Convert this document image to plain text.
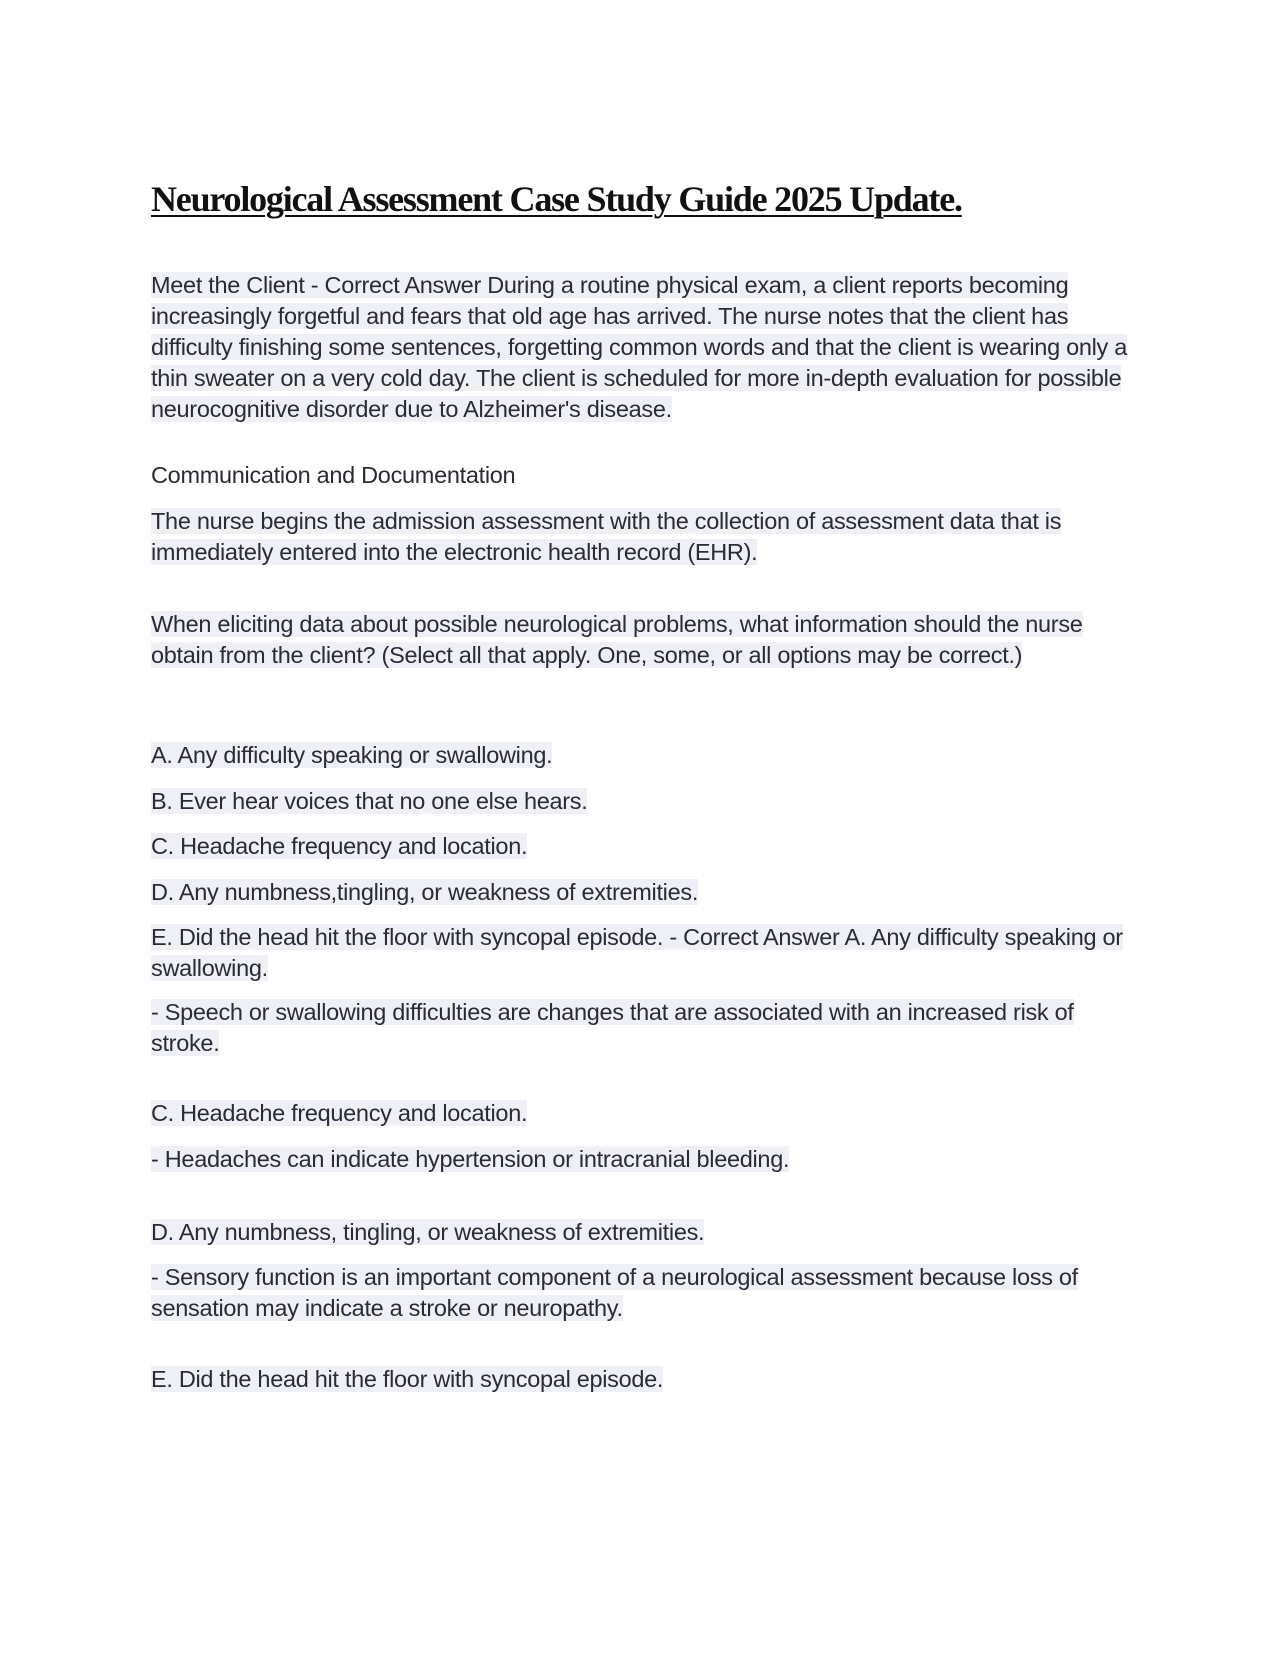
Neurological Assessment Case Study Guide 2025 Update.
Meet the Client - Correct Answer During a routine physical exam, a client reports becoming increasingly forgetful and fears that old age has arrived. The nurse notes that the client has difficulty finishing some sentences, forgetting common words and that the client is wearing only a thin sweater on a very cold day. The client is scheduled for more in-depth evaluation for possible neurocognitive disorder due to Alzheimer's disease.
Communication and Documentation
The nurse begins the admission assessment with the collection of assessment data that is immediately entered into the electronic health record (EHR).
When eliciting data about possible neurological problems, what information should the nurse obtain from the client? (Select all that apply. One, some, or all options may be correct.)
A. Any difficulty speaking or swallowing.
B. Ever hear voices that no one else hears.
C. Headache frequency and location.
D. Any numbness,tingling, or weakness of extremities.
E. Did the head hit the floor with syncopal episode. - Correct Answer A. Any difficulty speaking or swallowing.
- Speech or swallowing difficulties are changes that are associated with an increased risk of stroke.
C. Headache frequency and location.
- Headaches can indicate hypertension or intracranial bleeding.
D. Any numbness, tingling, or weakness of extremities.
- Sensory function is an important component of a neurological assessment because loss of sensation may indicate a stroke or neuropathy.
E. Did the head hit the floor with syncopal episode.
